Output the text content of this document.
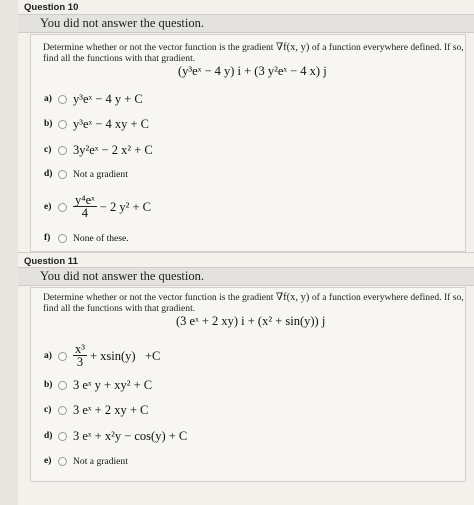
Question 10
You did not answer the question.
Determine whether or not the vector function is the gradient ∇f(x, y) of a function everywhere defined. If so, find all the functions with that gradient.
(y³eˣ − 4 y) i + (3 y²eˣ − 4 x) j
a)	y³eˣ − 4 y + C
b)	y³eˣ − 4 xy + C
c)	3y²eˣ − 2 x² + C
d)	Not a gradient
e)	$\frac{\text{y⁴eˣ}}{4} - 2$ y² + C
f)	None of these.
Question 11
You did not answer the question.
Determine whether or not the vector function is the gradient ∇f(x, y) of a function everywhere defined. If so, find all the functions with that gradient.
(3 eˣ + 2 xy) i + (x² + sin(y)) j
a)	$\frac{\text{x³}}{3} + xsin(y) +C$
b)	3 eˣ y + xy² + C
c)	3 eˣ + 2 xy + C
d)	3 eˣ + x²y − cos(y) + C
e)	Not a gradient
